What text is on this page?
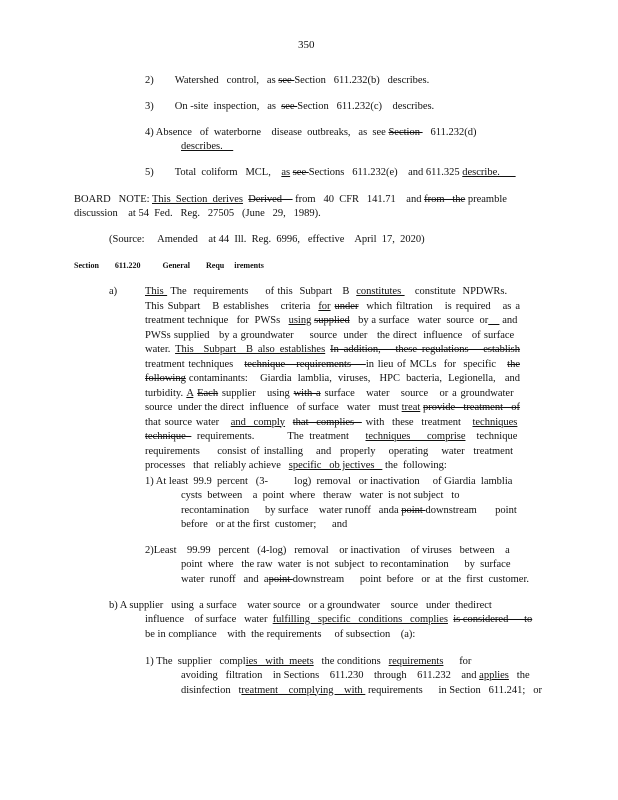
350
2)        Watershed   control,   as see Section   611.232(b)   describes.
3)        On -site  inspection,   as  see Section   611.232(c)    describes.
4) Absence   of  waterborne    disease  outbreaks,   as  see Section    611.232(d)
describes.
5)        Total  coliform   MCL,    as see Sections   611.232(e)    and 611.325 describe.
BOARD   NOTE: This  Section  derives Derived     from   40  CFR   141.71    and from   the preamble
discussion    at 54  Fed.   Reg.   27505   (June   29,   1989).
(Source:     Amended    at 44  Ill.  Reg.  6996,   effective    April  17,  2020)
Section        611.220           General        Requ     irements
a)	This  The  requirements     of this  Subpart   B  constitutes    constitute  NPDWRs.     This Subpart   B establishes   criteria  for under  which filtration   is required   as a treatment technique   for  PWSs   using supplied   by a surface   water  source  or     and  PWSs supplied   by a groundwater     source  under   the direct  influence   of surface   water. This  Subpart  B also establishes In addition,   these regulations   establish treatment techniques   technique   requirements    in lieu of MCLs  for  specific   the following contaminants:    Giardia  lamblia,  viruses,   HPC  bacteria,  Legionella,   and turbidity. A Each supplier   using with a surface   water   source   or a groundwater   source  under the direct  influence   of surface   water   must treat provide   treatment   of that source water   and  comply that  complies   with  these  treatment   techniques  technique  requirements.      The treatment   techniques   comprise  technique  requirements    consist of installing   and  properly   operating   water  treatment   processes   that  reliably achieve   specific   ob jectives    the  following:
1) At least  99.9  percent   (3-          log)  removal   or inactivation     of Giardia  lamblia
cysts  between    a  point  where   theraw   water  is not subject   to
recontamination      by surface    water runoff   anda point downstream       point
before   or at the first  customer;      and
2)Least    99.99   percent   (4-log)   removal    or inactivation    of viruses   between    a
point  where   the raw  water  is not  subject  to recontamination      by  surface
water  runoff   and  apoint downstream      point  before   or  at  the  first  customer.
b) A supplier   using  a surface    water source   or a groundwater    source   under  thedirect
influence    of surface   water  fulfilling   specific   conditions   complies is considered      to
be in compliance    with  the requirements     of subsection    (a):
1) The  supplier   complies   with  meets   the conditions   requirements      for
avoiding   filtration    in Sections    611.230    through    611.232    and applies   the
disinfection   treatment    complying    with  requirements      in Section   611.241;   or
